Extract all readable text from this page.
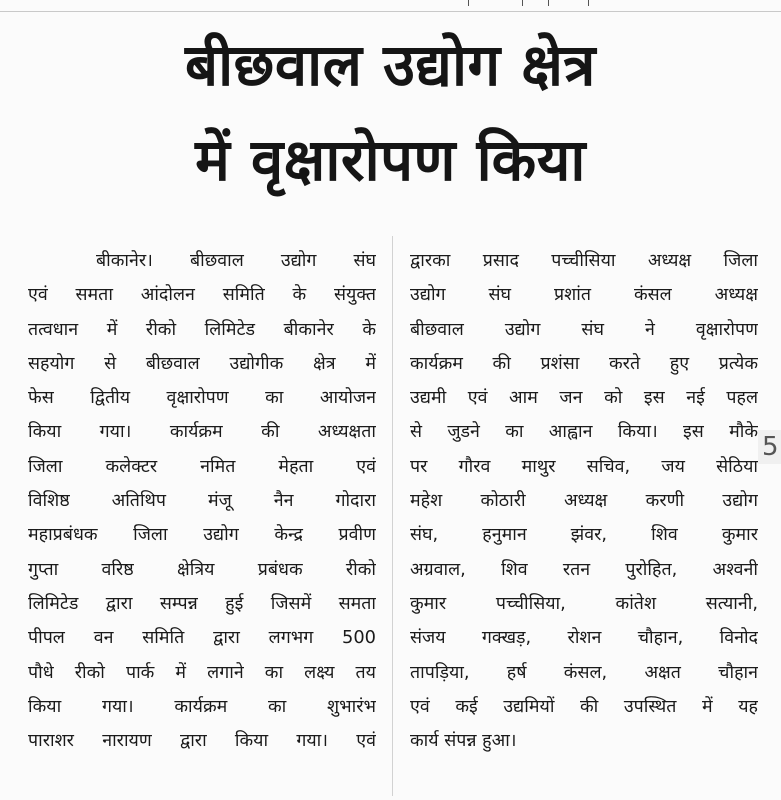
बीछवाल उद्योग क्षेत्र
में वृक्षारोपण किया
बीकानेर। बीछवाल उद्योग संघ
एवं समता आंदोलन समिति के संयुक्त
तत्वधान में रीको लिमिटेड बीकानेर के
सहयोग से बीछवाल उद्योगीक क्षेत्र में
फेस द्वितीय वृक्षारोपण का आयोजन
किया गया। कार्यक्रम की अध्यक्षता
जिला कलेक्टर नमित मेहता एवं
विशिष्ठ अतिथिप मंजू नैन गोदारा
महाप्रबंधक जिला उद्योग केन्द्र प्रवीण
गुप्ता वरिष्ठ क्षेत्रिय प्रबंधक रीको
लिमिटेड द्वारा सम्पन्न हुई जिसमें समता
पीपल वन समिति द्वारा लगभग 500
पौधे रीको पार्क में लगाने का लक्ष्य तय
किया गया। कार्यक्रम का शुभारंभ
पाराशर नारायण द्वारा किया गया। एवं
द्वारका प्रसाद पच्चीसिया अध्यक्ष जिला
उद्योग संघ प्रशांत कंसल अध्यक्ष
बीछवाल उद्योग संघ ने वृक्षारोपण
कार्यक्रम की प्रशंसा करते हुए प्रत्येक
उद्यमी एवं आम जन को इस नई पहल
से जुडने का आह्वान किया। इस मौके
पर गौरव माथुर सचिव, जय सेठिया
महेश कोठारी अध्यक्ष करणी उद्योग
संघ, हनुमान झंवर, शिव कुमार
अग्रवाल, शिव रतन पुरोहित, अश्वनी
कुमार पच्चीसिया, कांतेश सत्यानी,
संजय गक्खड़, रोशन चौहान, विनोद
तापड़िया, हर्ष कंसल, अक्षत चौहान
एवं कई उद्यमियों की उपस्थित में यह
कार्य संपन्न हुआ।
5
